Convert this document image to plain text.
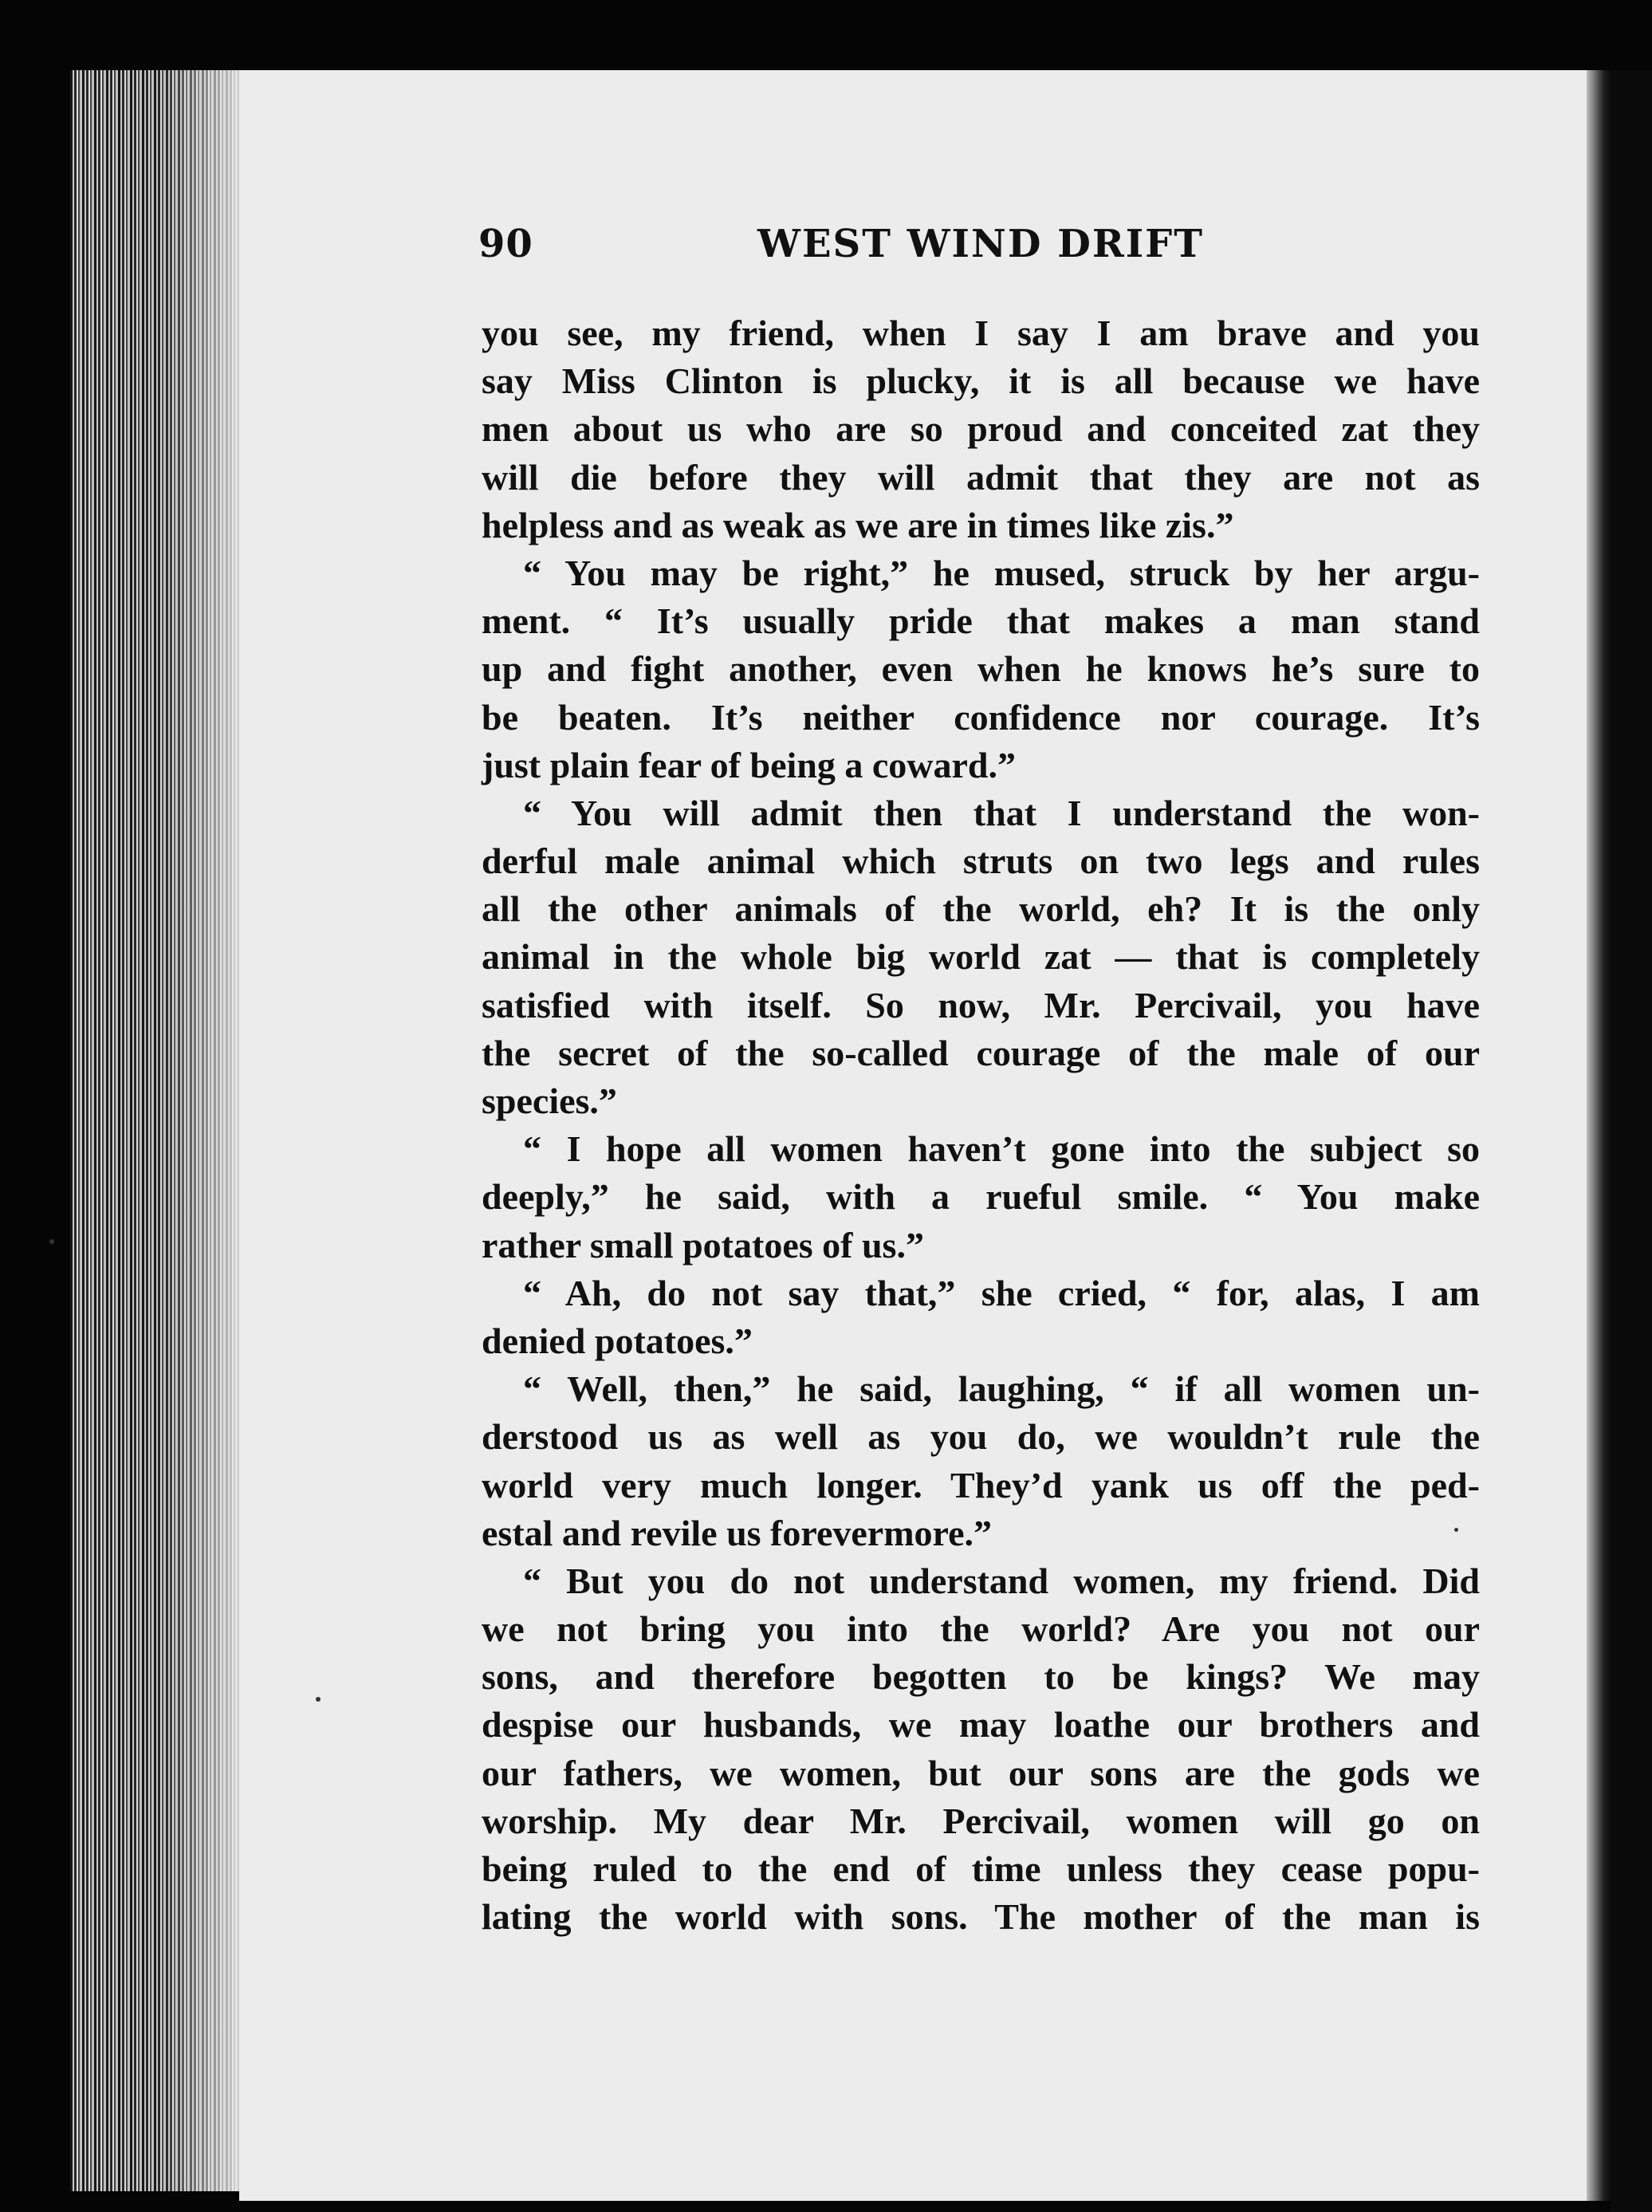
90	WEST WIND DRIFT
you see, my friend, when I say I am brave and you
say Miss Clinton is plucky, it is all because we have
men about us who are so proud and conceited zat they
will die before they will admit that they are not as
helpless and as weak as we are in times like zis.”
“ You may be right,” he mused, struck by her argu-
ment. “ It’s usually pride that makes a man stand
up and fight another, even when he knows he’s sure to
be beaten. It’s neither confidence nor courage. It’s
just plain fear of being a coward.”
“ You will admit then that I understand the won-
derful male animal which struts on two legs and rules
all the other animals of the world, eh? It is the only
animal in the whole big world zat — that is completely
satisfied with itself. So now, Mr. Percivail, you have
the secret of the so-called courage of the male of our
species.”
“ I hope all women haven’t gone into the subject so
deeply,” he said, with a rueful smile. “ You make
rather small potatoes of us.”
“ Ah, do not say that,” she cried, “ for, alas, I am
denied potatoes.”
“ Well, then,” he said, laughing, “ if all women un-
derstood us as well as you do, we wouldn’t rule the
world very much longer. They’d yank us off the ped-
estal and revile us forevermore.”
“ But you do not understand women, my friend. Did
we not bring you into the world? Are you not our
sons, and therefore begotten to be kings? We may
despise our husbands, we may loathe our brothers and
our fathers, we women, but our sons are the gods we
worship. My dear Mr. Percivail, women will go on
being ruled to the end of time unless they cease popu-
lating the world with sons. The mother of the man is
